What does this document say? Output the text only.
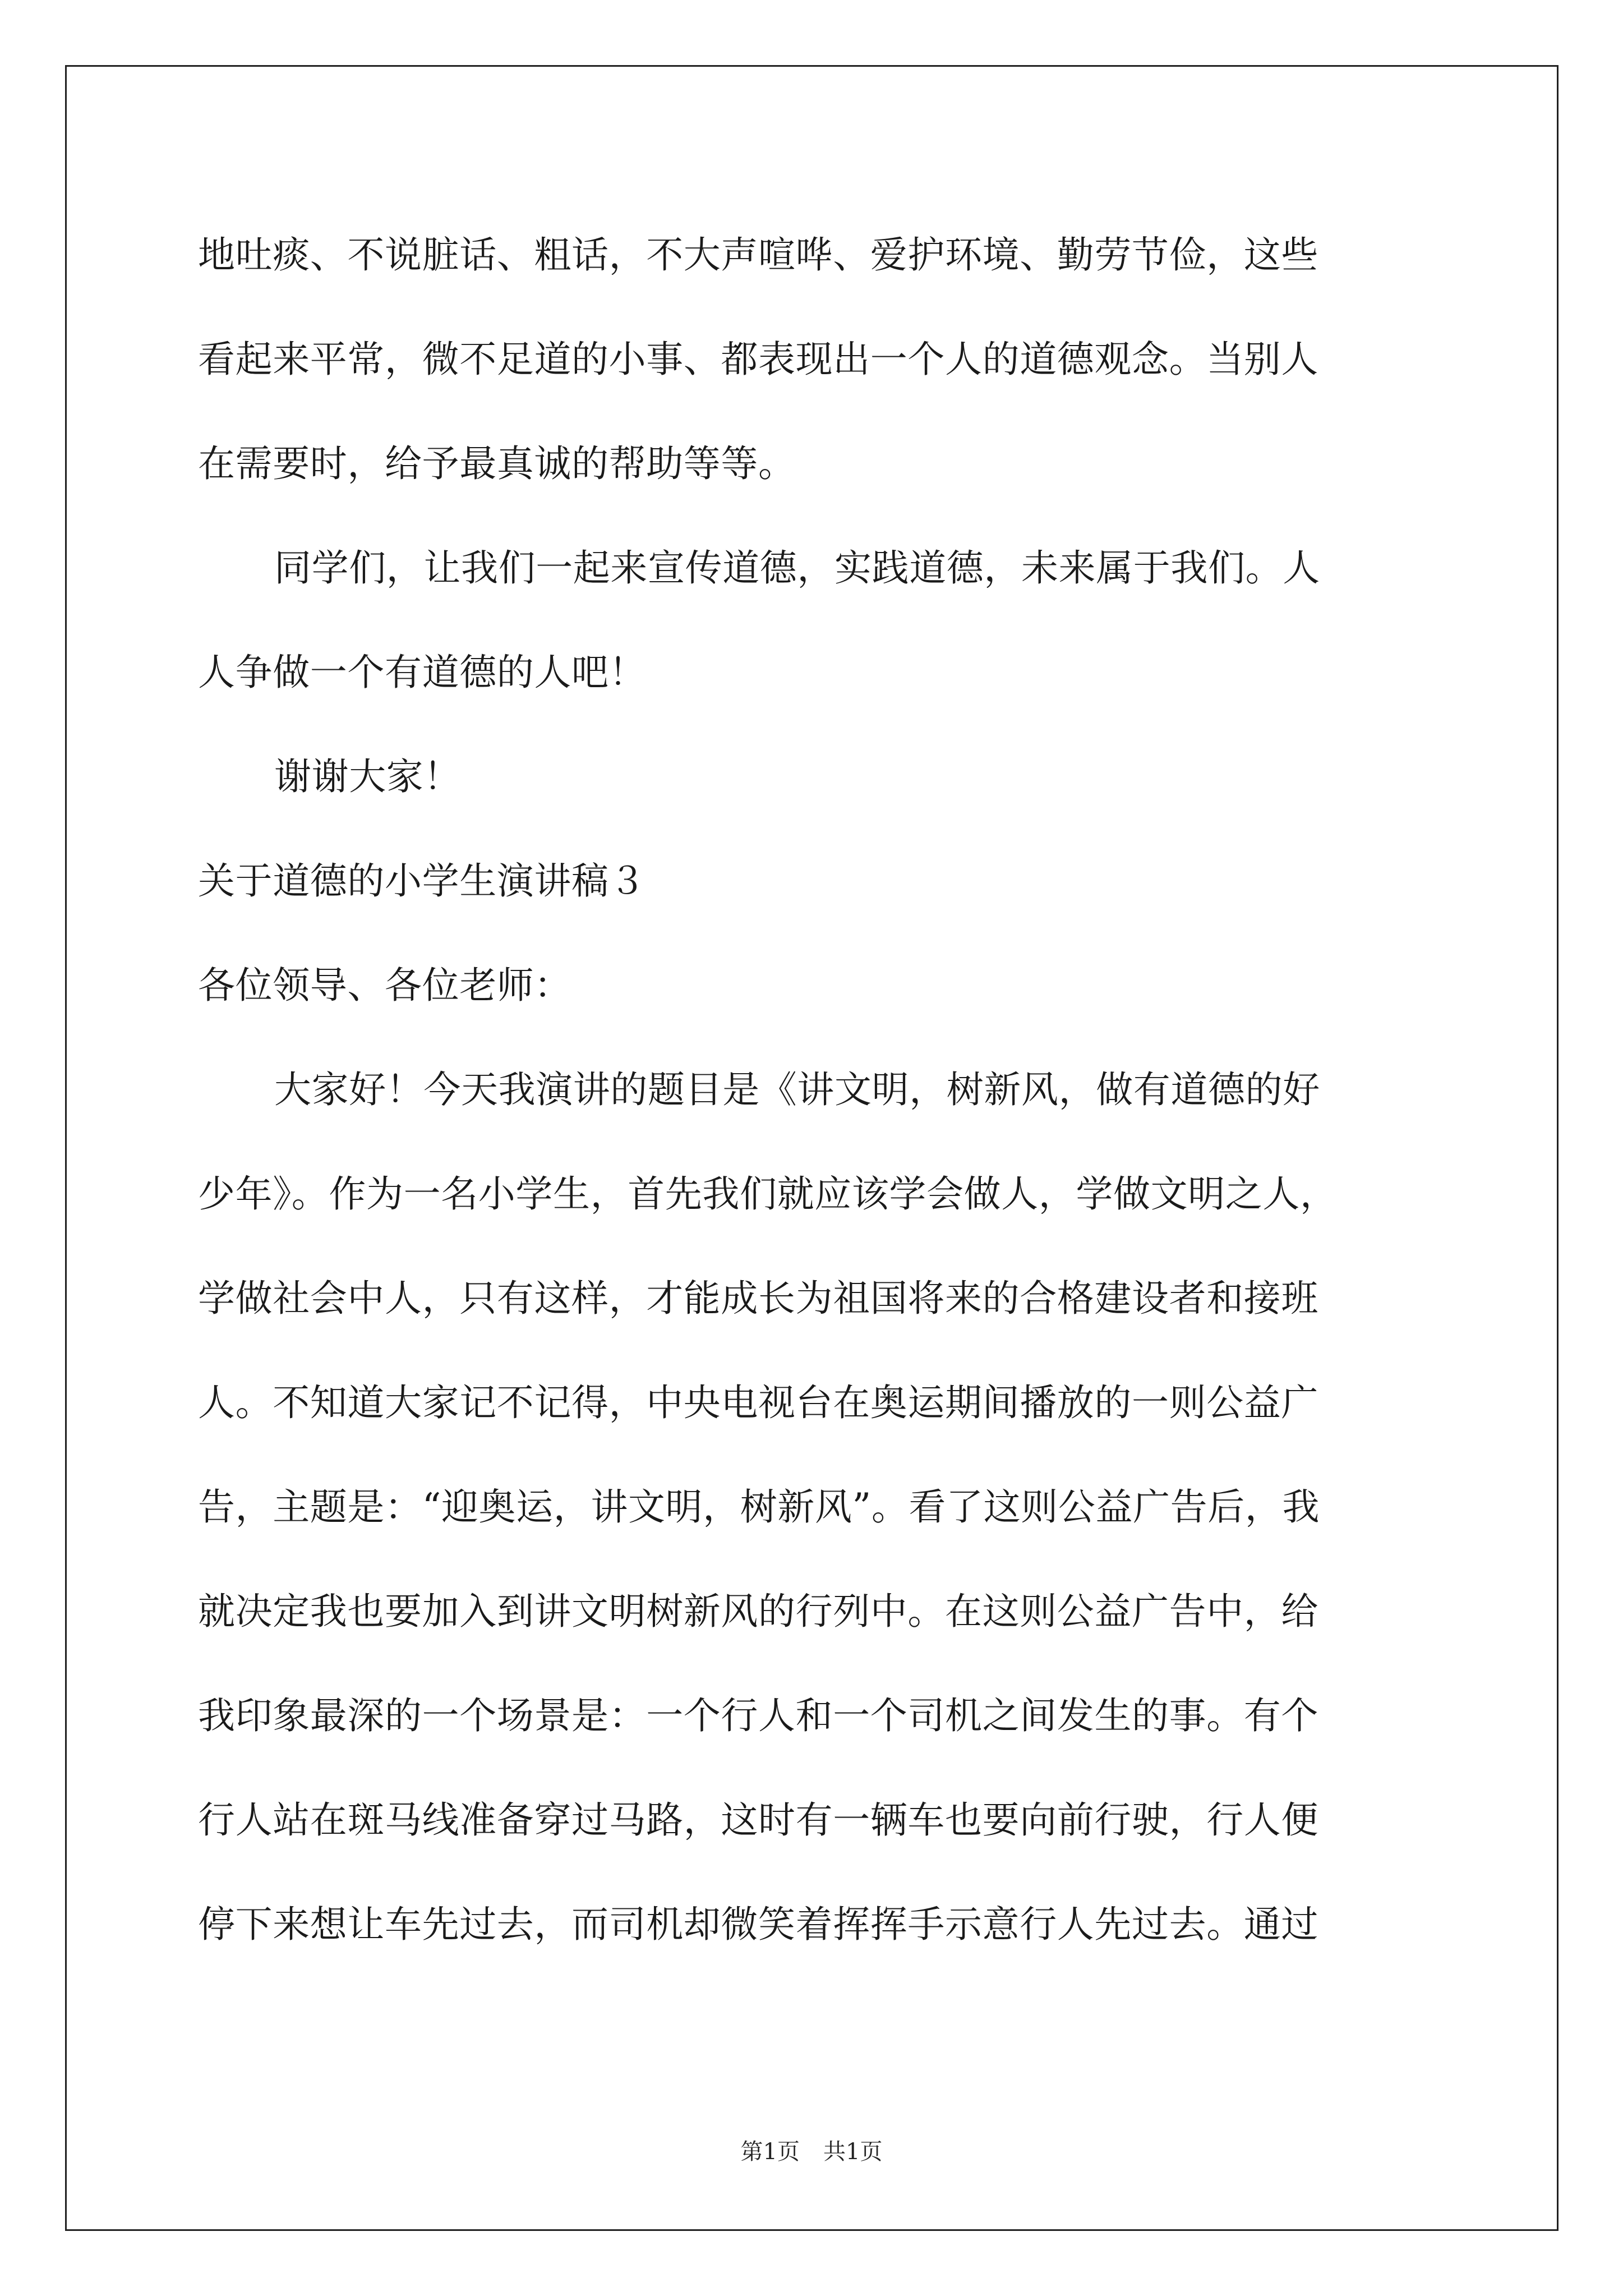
地吐痰、不说脏话、粗话，不大声喧哗、爱护环境、勤劳节俭，这些
看起来平常，微不足道的小事、都表现出一个人的道德观念。当别人
在需要时，给予最真诚的帮助等等。
同学们，让我们一起来宣传道德，实践道德，未来属于我们。人
人争做一个有道德的人吧！
谢谢大家！
关于道德的小学生演讲稿３
各位领导、各位老师：
大家好！今天我演讲的题目是《讲文明，树新风，做有道德的好
少年》。作为一名小学生，首先我们就应该学会做人，学做文明之人，
学做社会中人，只有这样，才能成长为祖国将来的合格建设者和接班
人。不知道大家记不记得，中央电视台在奥运期间播放的一则公益广
告，主题是：“迎奥运，讲文明，树新风”。看了这则公益广告后，我
就决定我也要加入到讲文明树新风的行列中。在这则公益广告中，给
我印象最深的一个场景是：一个行人和一个司机之间发生的事。有个
行人站在斑马线准备穿过马路，这时有一辆车也要向前行驶，行人便
停下来想让车先过去，而司机却微笑着挥挥手示意行人先过去。通过
第1页 共1页
